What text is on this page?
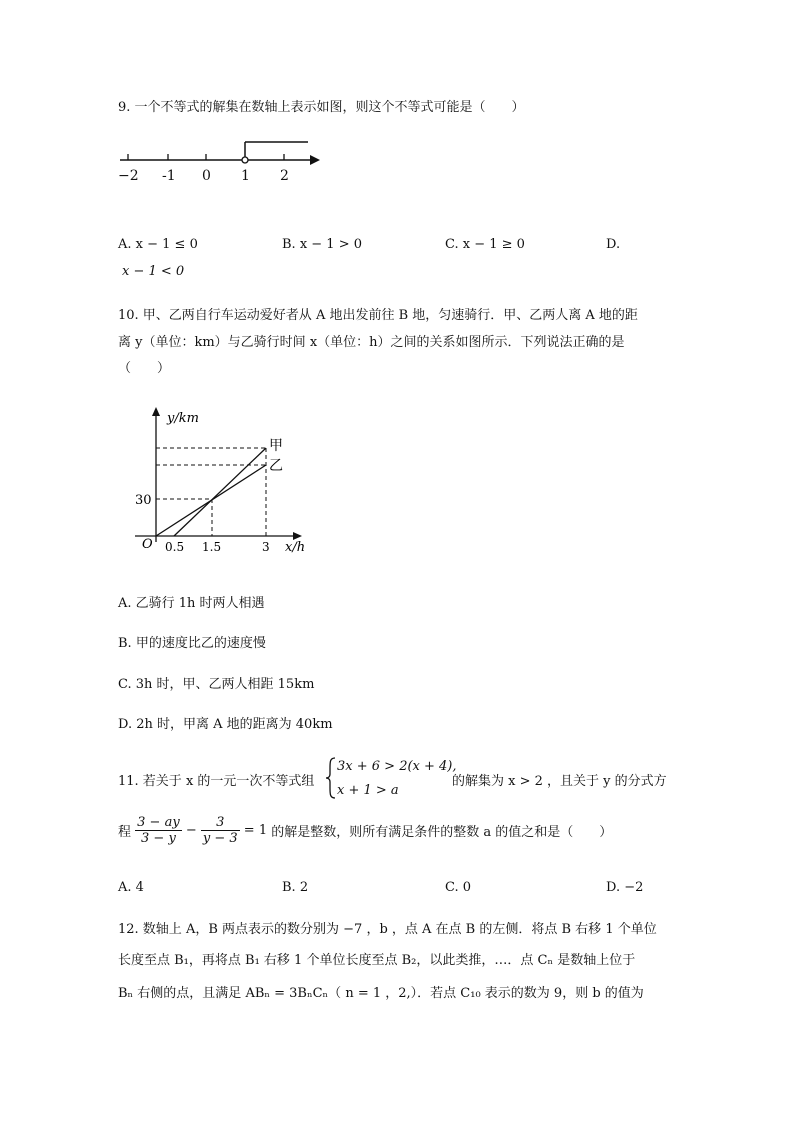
9. 一个不等式的解集在数轴上表示如图，则这个不等式可能是（　　）
−2 -1 0 1 2
A. x − 1 ≤ 0	B. x − 1 > 0	C. x − 1 ≥ 0	D.
x − 1 < 0
10. 甲、乙两自行车运动爱好者从 A 地出发前往 B 地，匀速骑行．甲、乙两人离 A 地的距
离 y（单位：km）与乙骑行时间 x（单位：h）之间的关系如图所示．下列说法正确的是
（　　）
y/km
O
30
0.5 1.5	3 x/h
甲
乙
A. 乙骑行 1h 时两人相遇
B. 甲的速度比乙的速度慢
C. 3h 时，甲、乙两人相距 15km
D. 2h 时，甲离 A 地的距离为 40km
11. 若关于 x 的一元一次不等式组
3x + 6 > 2(x + 4),
x + 1 > a
的解集为 x > 2 ，且关于 y 的分式方
程 $\frac{3 - ay}{3 - y} - \frac{3}{y - 3} = 1$ 的解是整数，则所有满足条件的整数 a 的值之和是（　　）
A. 4	B. 2	C. 0	D. −2
12. 数轴上 A，B 两点表示的数分别为 −7 ，b ，点 A 在点 B 的左侧．将点 B 右移 1 个单位
长度至点 B₁，再将点 B₁ 右移 1 个单位长度至点 B₂，以此类推，…．点 Cₙ 是数轴上位于
Bₙ 右侧的点，且满足 ABₙ = 3BₙCₙ（ n = 1 ，2,）．若点 C₁₀ 表示的数为 9，则 b 的值为
